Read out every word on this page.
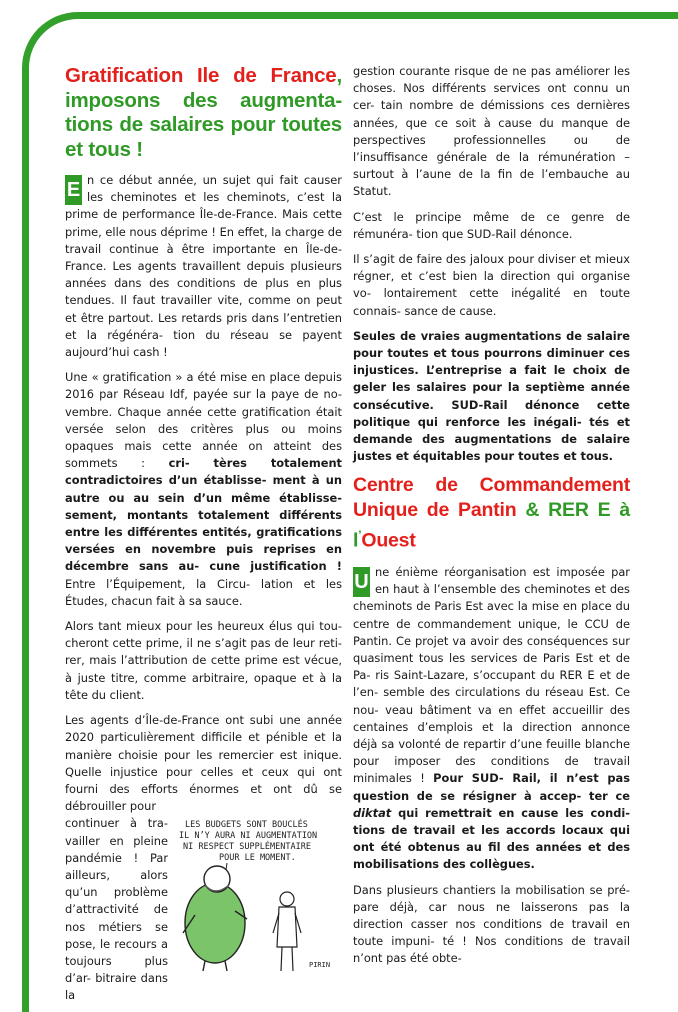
Gratification Ile de France, imposons des augmenta- tions de salaires pour toutes et tous !

E n ce début année, un sujet qui fait causer les cheminotes et les cheminots, c’est la prime de performance Île-de-France. Mais cette prime, elle nous déprime ! En effet, la charge de travail continue à être importante en Île-de-France. Les agents travaillent depuis plusieurs années dans des conditions de plus en plus tendues. Il faut travailler vite, comme on peut et être partout. Les retards pris dans l’entretien et la régénéra- tion du réseau se payent aujourd’hui cash !

Une « gratification » a été mise en place depuis 2016 par Réseau Idf, payée sur la paye de no- vembre. Chaque année cette gratification était versée selon des critères plus ou moins opaques mais cette année on atteint des sommets : cri- tères totalement contradictoires d’un établisse- ment à un autre ou au sein d’un même établisse- sement, montants totalement différents entre les différentes entités, gratifications versées en novembre puis reprises en décembre sans au- cune justification ! Entre l’Équipement, la Circu- lation et les Études, chacun fait à sa sauce.

Alors tant mieux pour les heureux élus qui tou- cheront cette prime, il ne s’agit pas de leur reti- rer, mais l’attribution de cette prime est vécue, à juste titre, comme arbitraire, opaque et à la tête du client.

Les agents d’Île-de-France ont subi une année 2020 particulièrement difficile et pénible et la manière choisie pour les remercier est inique. Quelle injustice pour celles et ceux qui ont fourni des efforts énormes et ont dû se débrouiller pour

continuer à tra- vailler en pleine pandémie ! Par ailleurs, alors qu’un problème d’attractivité de nos métiers se pose, le recours a toujours plus d’ar- bitraire dans la
LES BUDGETS SONT BOUCLÉS
IL N’Y AURA NI AUGMENTATION
NI RESPECT SUPPLÉMENTAIRE
POUR LE MOMENT.
PIRIN

gestion courante risque de ne pas améliorer les choses. Nos différents services ont connu un cer- tain nombre de démissions ces dernières années, que ce soit à cause du manque de perspectives professionnelles ou de l’insuffisance générale de la rémunération – surtout à l’aune de la fin de l’embauche au Statut.

C’est le principe même de ce genre de rémunéra- tion que SUD-Rail dénonce.

Il s’agit de faire des jaloux pour diviser et mieux régner, et c’est bien la direction qui organise vo- lontairement cette inégalité en toute connais- sance de cause.

Seules de vraies augmentations de salaire pour toutes et tous pourrons diminuer ces injustices. L’entreprise a fait le choix de geler les salaires pour la septième année consécutive. SUD-Rail dénonce cette politique qui renforce les inégali- tés et demande des augmentations de salaire justes et équitables pour toutes et tous.

Centre de Commandement Unique de Pantin & RER E à l’Ouest

U ne énième réorganisation est imposée par en haut à l’ensemble des cheminotes et des cheminots de Paris Est avec la mise en place du centre de commandement unique, le CCU de Pantin. Ce projet va avoir des conséquences sur quasiment tous les services de Paris Est et de Pa- ris Saint-Lazare, s’occupant du RER E et de l’en- semble des circulations du réseau Est. Ce nou- veau bâtiment va en effet accueillir des centaines d’emplois et la direction annonce déjà sa volonté de repartir d’une feuille blanche pour imposer des conditions de travail minimales ! Pour SUD- Rail, il n’est pas question de se résigner à accep- ter ce diktat qui remettrait en cause les condi- tions de travail et les accords locaux qui ont été obtenus au fil des années et des mobilisations des collègues.

Dans plusieurs chantiers la mobilisation se pré- pare déjà, car nous ne laisserons pas la direction casser nos conditions de travail en toute impuni- té ! Nos conditions de travail n’ont pas été obte-
